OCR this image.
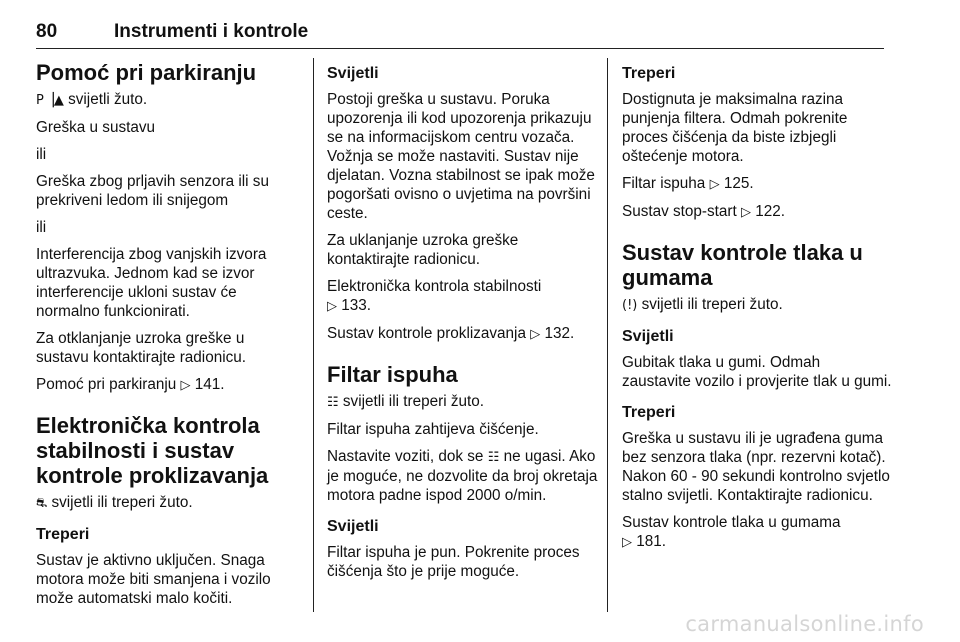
80	Instrumenti i kontrole
Pomoć pri parkiranju

P▕▲ svijetli žuto.

Greška u sustavu

ili

Greška zbog prljavih senzora ili su prekriveni ledom ili snijegom

ili

Interferencija zbog vanjskih izvora ultrazvuka. Jednom kad se izvor interferencije ukloni sustav će normalno funkcionirati.

Za otklanjanje uzroka greške u sustavu kontaktirajte radionicu.

Pomoć pri parkiranju ▷ 141.

Elektronička kontrola stabilnosti i sustav kontrole proklizavanja

⛐ svijetli ili treperi žuto.

Treperi

Sustav je aktivno uključen. Snaga motora može biti smanjena i vozilo može automatski malo kočiti.

Svijetli

Postoji greška u sustavu. Poruka upozorenja ili kod upozorenja prikazuju se na informacijskom centru vozača. Vožnja se može nastaviti. Sustav nije djelatan. Vozna stabilnost se ipak može pogoršati ovisno o uvjetima na površini ceste.

Za uklanjanje uzroka greške kontaktirajte radionicu.

Elektronička kontrola stabilnosti
▷ 133.

Sustav kontrole proklizavanja ▷ 132.

Filtar ispuha

☷ svijetli ili treperi žuto.

Filtar ispuha zahtijeva čišćenje.

Nastavite voziti, dok se ☷ ne ugasi. Ako je moguće, ne dozvolite da broj okretaja motora padne ispod 2000 o/min.

Svijetli

Filtar ispuha je pun. Pokrenite proces čišćenja što je prije moguće.

Treperi

Dostignuta je maksimalna razina punjenja filtera. Odmah pokrenite proces čišćenja da biste izbjegli oštećenje motora.

Filtar ispuha ▷ 125.

Sustav stop-start ▷ 122.

Sustav kontrole tlaka u gumama

(!) svijetli ili treperi žuto.

Svijetli

Gubitak tlaka u gumi. Odmah zaustavite vozilo i provjerite tlak u gumi.

Treperi

Greška u sustavu ili je ugrađena guma bez senzora tlaka (npr. rezervni kotač). Nakon 60 - 90 sekundi kontrolno svjetlo stalno svijetli. Kontaktirajte radionicu.

Sustav kontrole tlaka u gumama
▷ 181.

carmanualsonline.info
